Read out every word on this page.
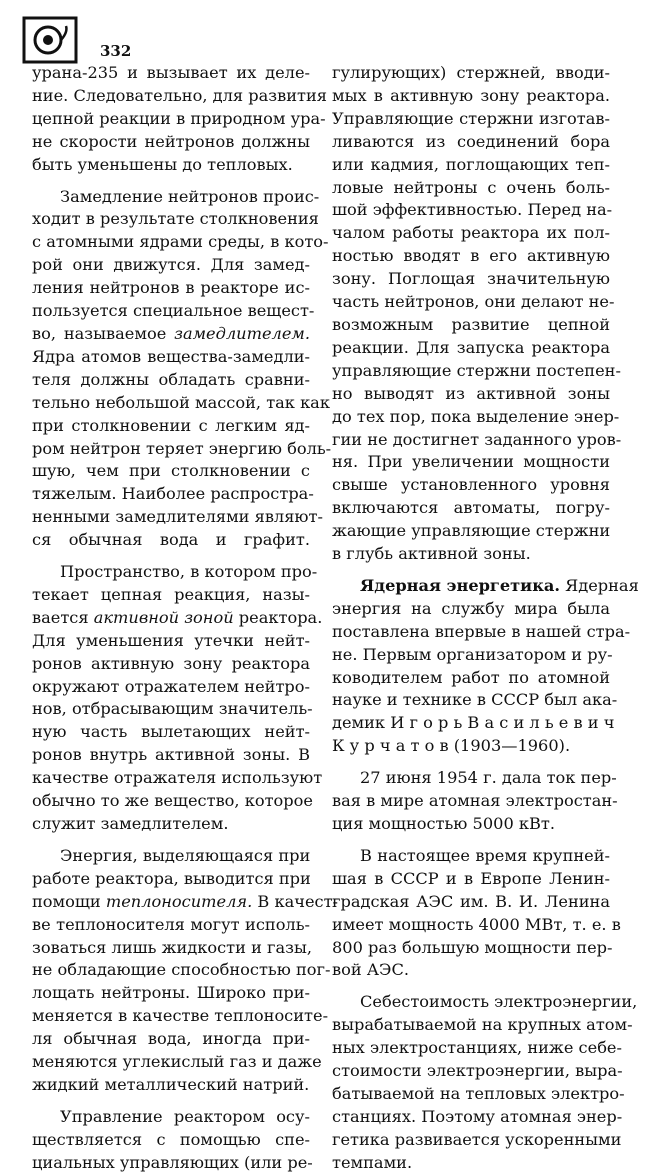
332
урана-235 и вызывает их деле-
ние. Следовательно, для развития
цепной реакции в природном ура-
не скорости нейтронов должны
быть уменьшены до тепловых.
Замедление нейтронов проис-
ходит в результате столкновения
с атомными ядрами среды, в кото-
рой они движутся. Для замед-
ления нейтронов в реакторе ис-
пользуется специальное вещест-
во, называемое замедлителем.
Ядра атомов вещества-замедли-
теля должны обладать сравни-
тельно небольшой массой, так как
при столкновении с легким яд-
ром нейтрон теряет энергию боль-
шую, чем при столкновении с
тяжелым. Наиболее распростра-
ненными замедлителями являют-
ся обычная вода и графит.
Пространство, в котором про-
текает цепная реакция, назы-
вается активной зоной реактора.
Для уменьшения утечки нейт-
ронов активную зону реактора
окружают отражателем нейтро-
нов, отбрасывающим значитель-
ную часть вылетающих нейт-
ронов внутрь активной зоны. В
качестве отражателя используют
обычно то же вещество, которое
служит замедлителем.
Энергия, выделяющаяся при
работе реактора, выводится при
помощи теплоносителя. В качест-
ве теплоносителя могут исполь-
зоваться лишь жидкости и газы,
не обладающие способностью пог-
лощать нейтроны. Широко при-
меняется в качестве теплоносите-
ля обычная вода, иногда при-
меняются углекислый газ и даже
жидкий металлический натрий.
Управление реактором осу-
ществляется с помощью спе-
циальных управляющих (или ре-
гулирующих) стержней, вводи-
мых в активную зону реактора.
Управляющие стержни изготав-
ливаются из соединений бора
или кадмия, поглощающих теп-
ловые нейтроны с очень боль-
шой эффективностью. Перед на-
чалом работы реактора их пол-
ностью вводят в его активную
зону. Поглощая значительную
часть нейтронов, они делают не-
возможным развитие цепной
реакции. Для запуска реактора
управляющие стержни постепен-
но выводят из активной зоны
до тех пор, пока выделение энер-
гии не достигнет заданного уров-
ня. При увеличении мощности
свыше установленного уровня
включаются автоматы, погру-
жающие управляющие стержни
в глубь активной зоны.
Ядерная энергетика. Ядерная
энергия на службу мира была
поставлена впервые в нашей стра-
не. Первым организатором и ру-
ководителем работ по атомной
науке и технике в СССР был ака-
демик И г о р ь В а с и л ь е в и ч
К у р ч а т о в (1903—1960).
27 июня 1954 г. дала ток пер-
вая в мире атомная электростан-
ция мощностью 5000 кВт.
В настоящее время крупней-
шая в СССР и в Европе Ленин-
градская АЭС им. В. И. Ленина
имеет мощность 4000 МВт, т. е. в
800 раз большую мощности пер-
вой АЭС.
Себестоимость электроэнергии,
вырабатываемой на крупных атом-
ных электростанциях, ниже себе-
стоимости электроэнергии, выра-
батываемой на тепловых электро-
станциях. Поэтому атомная энер-
гетика развивается ускоренными
темпами.
